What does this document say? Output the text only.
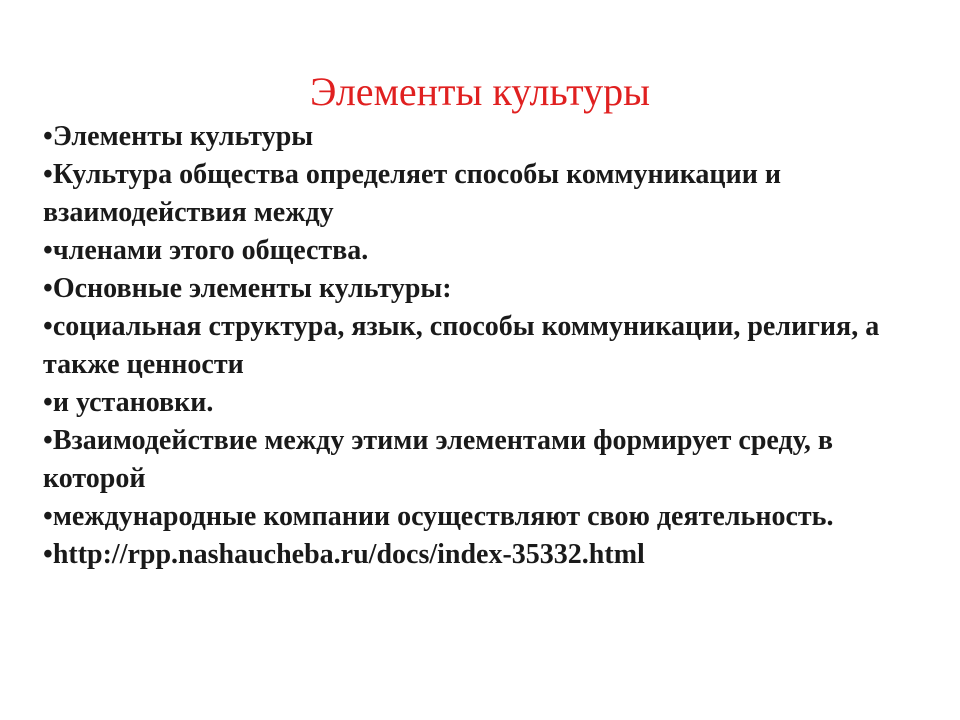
Элементы культуры
•Элементы культуры
•Культура общества определяет способы коммуникации и взаимодействия между
•членами этого общества.
•Основные элементы культуры:
•социальная структура, язык, способы коммуникации, религия, а также ценности
•и установки.
•Взаимодействие между этими элементами формирует среду, в которой
•международные компании осуществляют свою деятельность.
•http://rpp.nashaucheba.ru/docs/index-35332.html
